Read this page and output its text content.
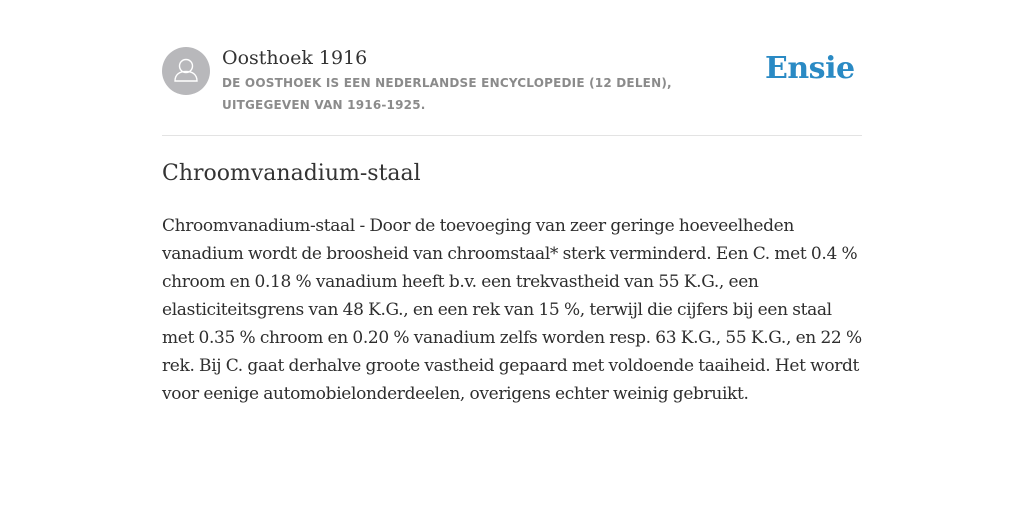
Oosthoek 1916
DE OOSTHOEK IS EEN NEDERLANDSE ENCYCLOPEDIE (12 DELEN), UITGEGEVEN VAN 1916-1925.
Ensie
Chroomvanadium-staal

Chroomvanadium-staal - Door de toevoeging van zeer geringe hoeveelheden vanadium wordt de broosheid van chroomstaal* sterk verminderd. Een C. met 0.4 % chroom en 0.18 % vanadium heeft b.v. een trekvastheid van 55 K.G., een elasticiteitsgrens van 48 K.G., en een rek van 15 %, terwijl die cijfers bij een staal met 0.35 % chroom en 0.20 % vanadium zelfs worden resp. 63 K.G., 55 K.G., en 22 % rek. Bij C. gaat derhalve groote vastheid gepaard met voldoende taaiheid. Het wordt voor eenige automobielonderdeelen, overigens echter weinig gebruikt.
